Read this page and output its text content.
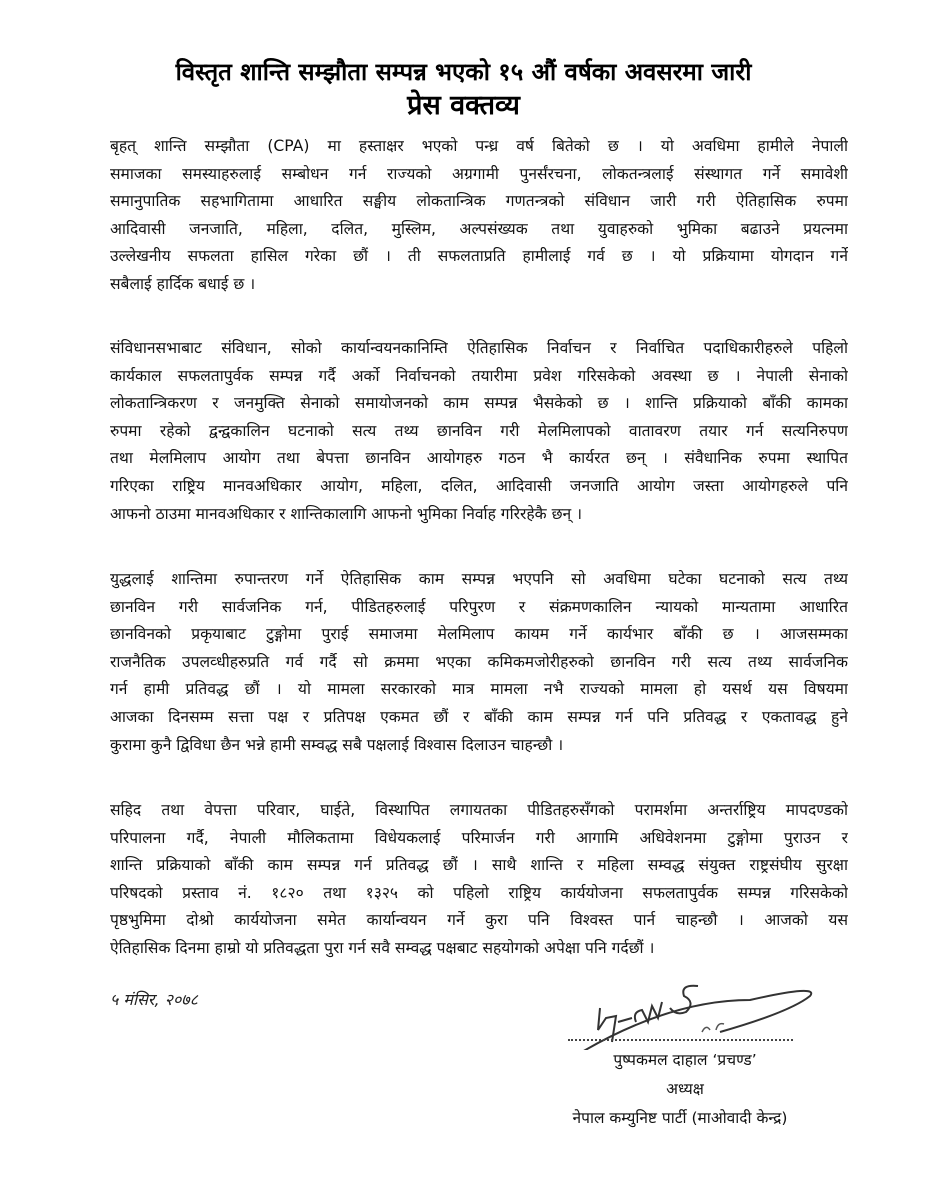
विस्तृत शान्ति सम्झौता सम्पन्न भएको १५ औं वर्षका अवसरमा जारी
प्रेस वक्तव्य
बृहत् शान्ति सम्झौता (CPA) मा हस्ताक्षर भएको पन्ध्र वर्ष बितेको छ । यो अवधिमा हामीले नेपाली
समाजका समस्याहरुलाई सम्बोधन गर्न राज्यको अग्रगामी पुनर्संरचना, लोकतन्त्रलाई संस्थागत गर्ने समावेशी
समानुपातिक सहभागितामा आधारित सङ्घीय लोकतान्त्रिक गणतन्त्रको संविधान जारी गरी ऐतिहासिक रुपमा
आदिवासी जनजाति, महिला, दलित, मुस्लिम, अल्पसंख्यक तथा युवाहरुको भुमिका बढाउने प्रयत्नमा
उल्लेखनीय सफलता हासिल गरेका छौं । ती सफलताप्रति हामीलाई गर्व छ । यो प्रक्रियामा योगदान गर्ने
सबैलाई हार्दिक बधाई छ ।
संविधानसभाबाट संविधान, सोको कार्यान्वयनकानिम्ति ऐतिहासिक निर्वाचन र निर्वाचित पदाधिकारीहरुले पहिलो
कार्यकाल सफलतापुर्वक सम्पन्न गर्दै अर्को निर्वाचनको तयारीमा प्रवेश गरिसकेको अवस्था छ । नेपाली सेनाको
लोकतान्त्रिकरण र जनमुक्ति सेनाको समायोजनको काम सम्पन्न भैसकेको छ । शान्ति प्रक्रियाको बाँकी कामका
रुपमा रहेको द्वन्द्वकालिन घटनाको सत्य तथ्य छानविन गरी मेलमिलापको वातावरण तयार गर्न सत्यनिरुपण
तथा मेलमिलाप आयोग तथा बेपत्ता छानविन आयोगहरु गठन भै कार्यरत छन् । संवैधानिक रुपमा स्थापित
गरिएका राष्ट्रिय मानवअधिकार आयोग, महिला, दलित, आदिवासी जनजाति आयोग जस्ता आयोगहरुले पनि
आफनो ठाउमा मानवअधिकार र शान्तिकालागि आफनो भुमिका निर्वाह गरिरहेकै छन् ।
युद्धलाई शान्तिमा रुपान्तरण गर्ने ऐतिहासिक काम सम्पन्न भएपनि सो अवधिमा घटेका घटनाको सत्य तथ्य
छानविन गरी सार्वजनिक गर्न, पीडितहरुलाई परिपुरण र संक्रमणकालिन न्यायको मान्यतामा आधारित
छानविनको प्रकृयाबाट टुङ्गोमा पुराई समाजमा मेलमिलाप कायम गर्ने कार्यभार बाँकी छ । आजसम्मका
राजनैतिक उपलव्धीहरुप्रति गर्व गर्दै सो क्रममा भएका कमिकमजोरीहरुको छानविन गरी सत्य तथ्य सार्वजनिक
गर्न हामी प्रतिवद्ध छौं । यो मामला सरकारको मात्र मामला नभै राज्यको मामला हो यसर्थ यस विषयमा
आजका दिनसम्म सत्ता पक्ष र प्रतिपक्ष एकमत छौं र बाँकी काम सम्पन्न गर्न पनि प्रतिवद्ध र एकतावद्ध हुने
कुरामा कुनै द्विविधा छैन भन्ने हामी सम्वद्ध सबै पक्षलाई विश्वास दिलाउन चाहन्छौ ।
सहिद तथा वेपत्ता परिवार, घाईते, विस्थापित लगायतका पीडितहरुसँगको परामर्शमा अन्तर्राष्ट्रिय मापदण्डको
परिपालना गर्दै, नेपाली मौलिकतामा विधेयकलाई परिमार्जन गरी आगामि अधिवेशनमा टुङ्गोमा पुराउन र
शान्ति प्रक्रियाको बाँकी काम सम्पन्न गर्न प्रतिवद्ध छौं । साथै शान्ति र महिला सम्वद्ध संयुक्त राष्ट्रसंघीय सुरक्षा
परिषदको प्रस्ताव नं. १८२० तथा १३२५ को पहिलो राष्ट्रिय कार्ययोजना सफलतापुर्वक सम्पन्न गरिसकेको
पृष्ठभुमिमा दोश्रो कार्ययोजना समेत कार्यान्वयन गर्ने कुरा पनि विश्वस्त पार्न चाहन्छौ । आजको यस
ऐतिहासिक दिनमा हाम्रो यो प्रतिवद्धता पुरा गर्न सवै सम्वद्ध पक्षबाट सहयोगको अपेक्षा पनि गर्दछौं ।
५ मंसिर, २०७८
पुष्पकमल दाहाल ‘प्रचण्ड’
अध्यक्ष
नेपाल कम्युनिष्ट पार्टी (माओवादी केन्द्र)
